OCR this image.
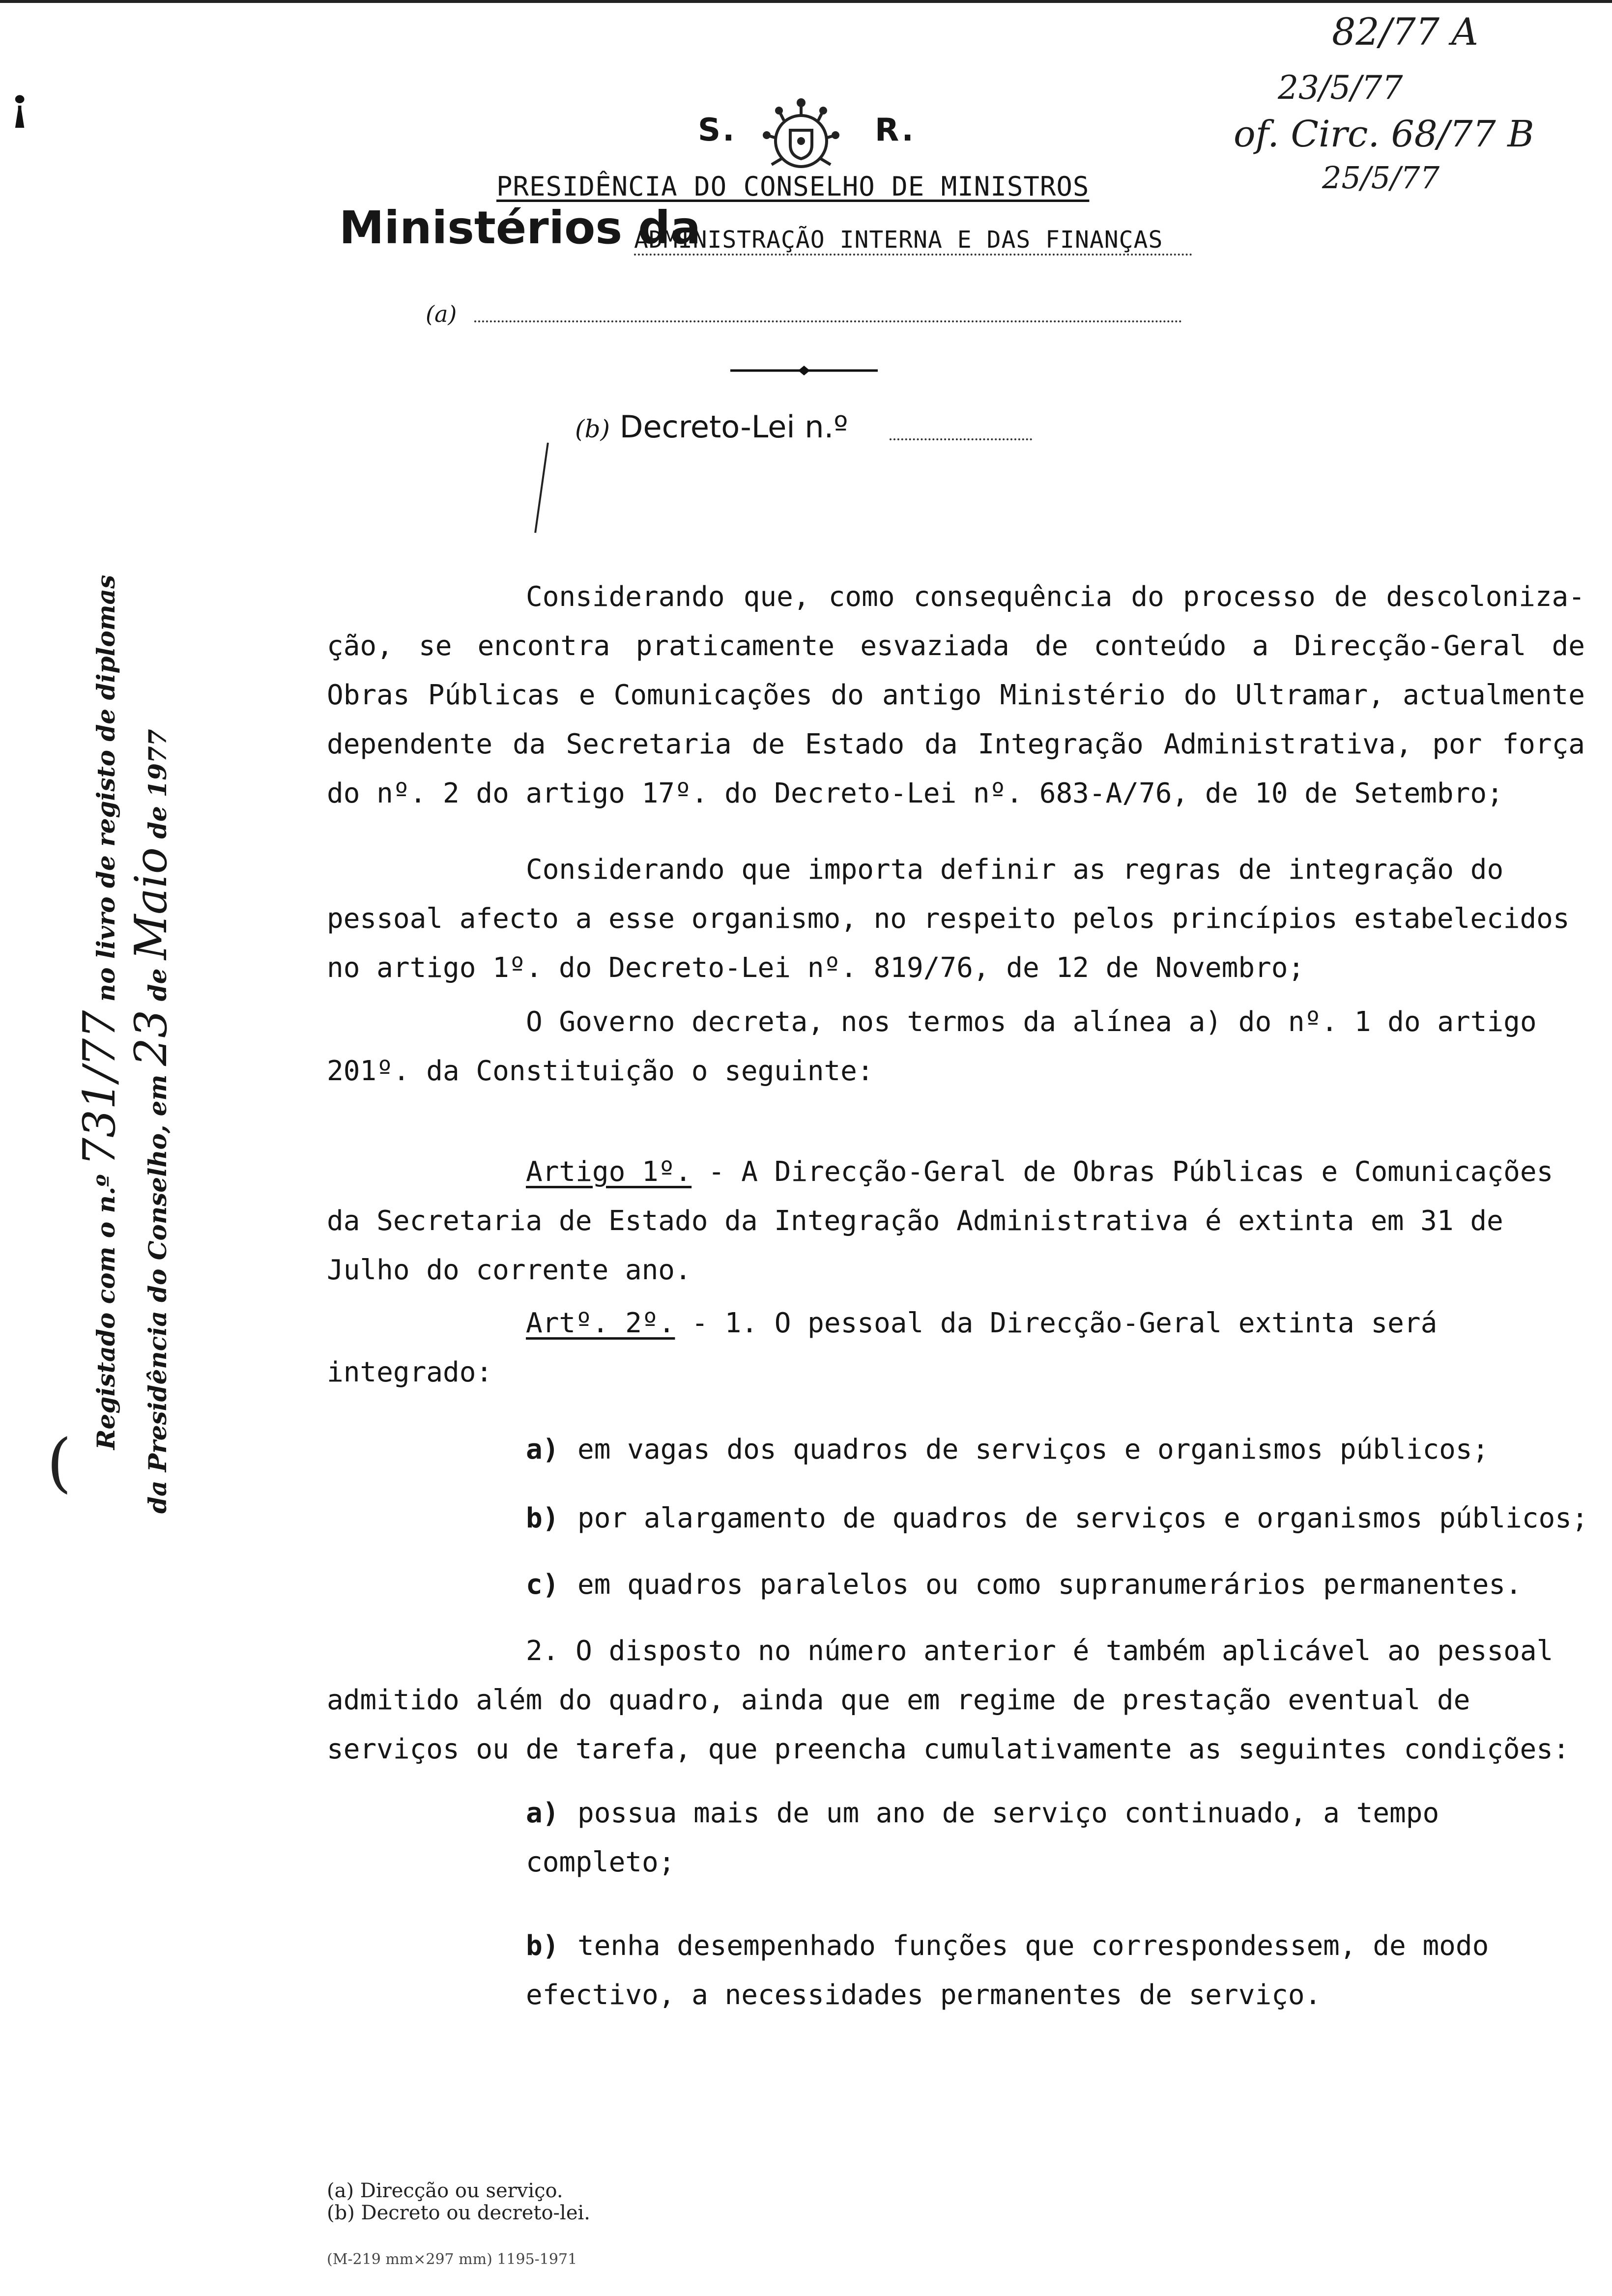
ꜟ
82/77 A
23/5/77
of. Circ. 68/77 B
25/5/77
S.	R.
PRESIDÊNCIA DO CONSELHO DE MINISTROS
Ministérios da
ADMINISTRAÇÃO INTERNA E DAS FINANÇAS
(a)
(b) Decreto-Lei n.º

Considerando que, como consequência do processo de descoloniza-ção, se encontra praticamente esvaziada de conteúdo a Direcção-Geral de Obras Públicas e Comunicações do antigo Ministério do Ultramar, actualmente dependente da Secretaria de Estado da Integração Administrativa, por força do nº. 2 do artigo 17º. do Decreto-Lei nº. 683-A/76, de 10 de Setembro;

Considerando que importa definir as regras de integração do pessoal afecto a esse organismo, no respeito pelos princípios estabelecidos no artigo 1º. do Decreto-Lei nº. 819/76, de 12 de Novembro;

O Governo decreta, nos termos da alínea a) do nº. 1 do artigo 201º. da Constituição o seguinte:

Artigo 1º. - A Direcção-Geral de Obras Públicas e Comunicações da Secretaria de Estado da Integração Administrativa é extinta em 31 de Julho do corrente ano.

Artº. 2º. - 1. O pessoal da Direcção-Geral extinta será integrado:

a) em vagas dos quadros de serviços e organismos públicos;

b) por alargamento de quadros de serviços e organismos públicos;

c) em quadros paralelos ou como supranumerários permanentes.

2. O disposto no número anterior é também aplicável ao pessoal admitido além do quadro, ainda que em regime de prestação eventual de serviços ou de tarefa, que preencha cumulativamente as seguintes condições:

a) possua mais de um ano de serviço continuado, a tempo completo;

b) tenha desempenhado funções que correspondessem, de modo efectivo, a necessidades permanentes de serviço.

(
Registado com o n.º 731/77 no livro de registo de diplomas
da Presidência do Conselho, em 23 de Maio de 1977
(a) Direcção ou serviço.
(b) Decreto ou decreto-lei.
(M-219 mm×297 mm) 1195-1971
